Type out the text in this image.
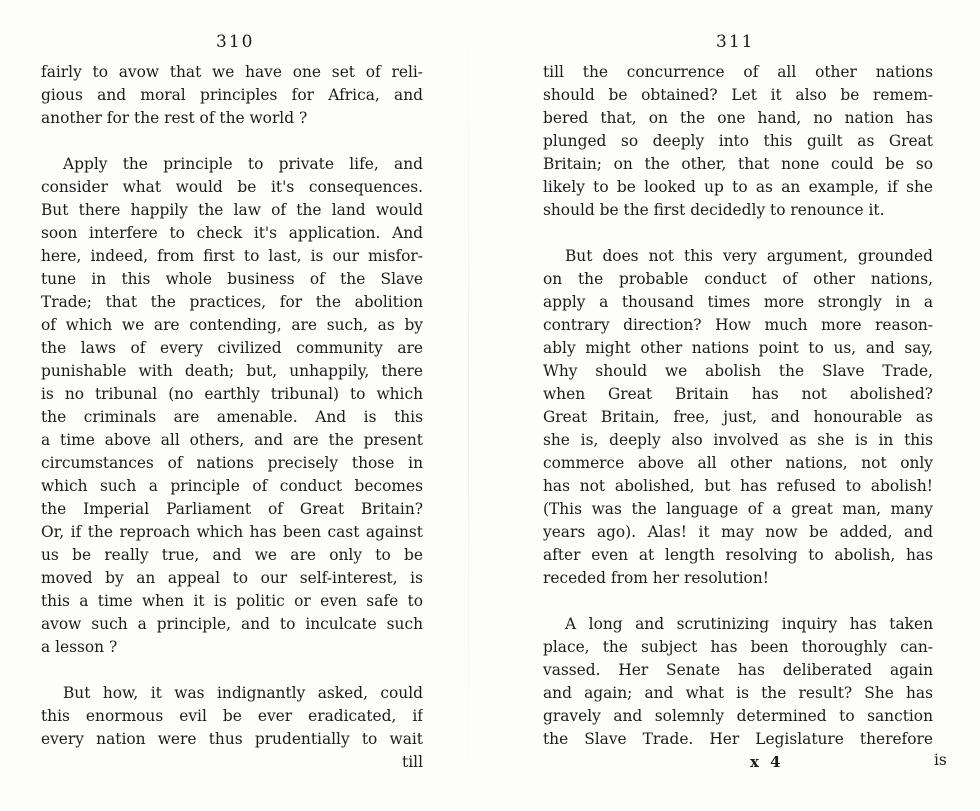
310

fairly to avow that we have one set of reli-
gious and moral principles for Africa, and
another for the rest of the world ?
Apply the principle to private life, and
consider what would be it's consequences.
But there happily the law of the land would
soon interfere to check it's application. And
here, indeed, from first to last, is our misfor-
tune in this whole business of the Slave
Trade; that the practices, for the abolition
of which we are contending, are such, as by
the laws of every civilized community are
punishable with death; but, unhappily, there
is no tribunal (no earthly tribunal) to which
the criminals are amenable. And is this
a time above all others, and are the present
circumstances of nations precisely those in
which such a principle of conduct becomes
the Imperial Parliament of Great Britain?
Or, if the reproach which has been cast against
us be really true, and we are only to be
moved by an appeal to our self-interest, is
this a time when it is politic or even safe to
avow such a principle, and to inculcate such
a lesson ?
But how, it was indignantly asked, could
this enormous evil be ever eradicated, if
every nation were thus prudentially to wait
till

311

till the concurrence of all other nations
should be obtained? Let it also be remem-
bered that, on the one hand, no nation has
plunged so deeply into this guilt as Great
Britain; on the other, that none could be so
likely to be looked up to as an example, if she
should be the first decidedly to renounce it.
But does not this very argument, grounded
on the probable conduct of other nations,
apply a thousand times more strongly in a
contrary direction? How much more reason-
ably might other nations point to us, and say,
Why should we abolish the Slave Trade,
when Great Britain has not abolished?
Great Britain, free, just, and honourable as
she is, deeply also involved as she is in this
commerce above all other nations, not only
has not abolished, but has refused to abolish!
(This was the language of a great man, many
years ago). Alas! it may now be added, and
after even at length resolving to abolish, has
receded from her resolution!
A long and scrutinizing inquiry has taken
place, the subject has been thoroughly can-
vassed. Her Senate has deliberated again
and again; and what is the result? She has
gravely and solemnly determined to sanction
the Slave Trade. Her Legislature therefore

x 4	is
